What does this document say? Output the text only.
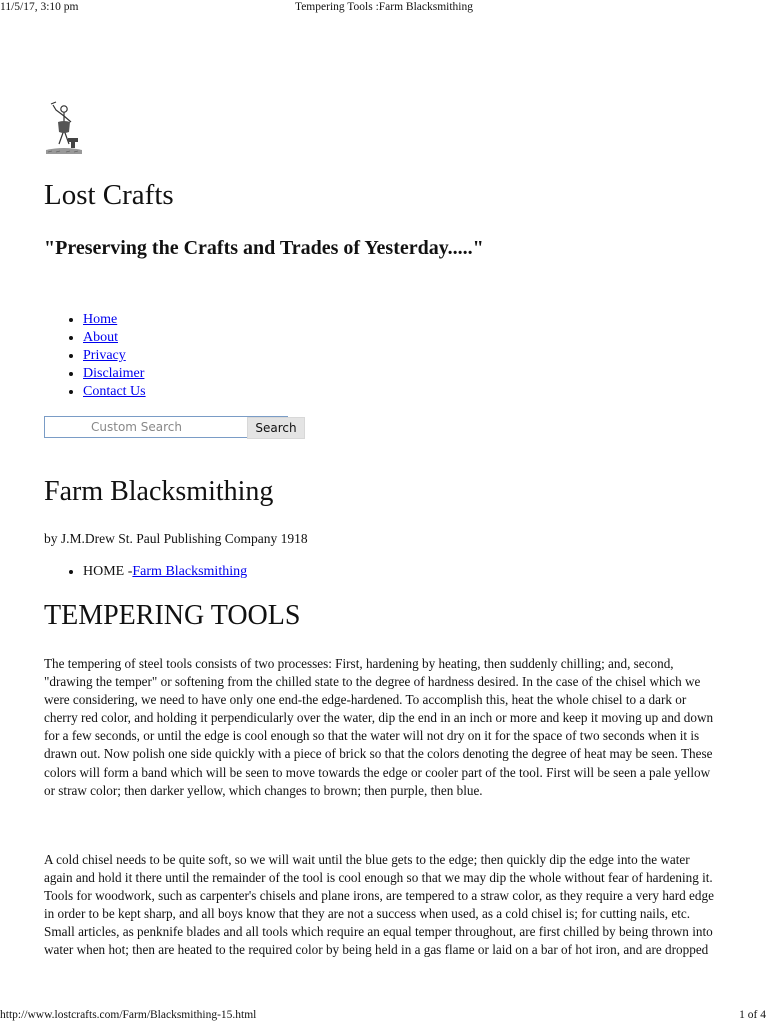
11/5/17, 3:10 pm	Tempering Tools :Farm Blacksmithing
Lost Crafts
"Preserving the Crafts and Trades of Yesterday....."
• Home
• About
• Privacy
• Disclaimer
• Contact Us
Custom Search	Search
Farm Blacksmithing

by J.M.Drew St. Paul Publishing Company 1918

• HOME -Farm Blacksmithing
TEMPERING TOOLS

The tempering of steel tools consists of two processes: First, hardening by heating, then suddenly chilling; and, second, "drawing the temper" or softening from the chilled state to the degree of hardness desired. In the case of the chisel which we were considering, we need to have only one end-the edge-hardened. To accomplish this, heat the whole chisel to a dark or cherry red color, and holding it perpendicularly over the water, dip the end in an inch or more and keep it moving up and down for a few seconds, or until the edge is cool enough so that the water will not dry on it for the space of two seconds when it is drawn out. Now polish one side quickly with a piece of brick so that the colors denoting the degree of heat may be seen. These colors will form a band which will be seen to move towards the edge or cooler part of the tool. First will be seen a pale yellow or straw color; then darker yellow, which changes to brown; then purple, then blue.

A cold chisel needs to be quite soft, so we will wait until the blue gets to the edge; then quickly dip the edge into the water again and hold it there until the remainder of the tool is cool enough so that we may dip the whole without fear of hardening it. Tools for woodwork, such as carpenter's chisels and plane irons, are tempered to a straw color, as they require a very hard edge in order to be kept sharp, and all boys know that they are not a success when used, as a cold chisel is; for cutting nails, etc. Small articles, as penknife blades and all tools which require an equal temper throughout, are first chilled by being thrown into water when hot; then are heated to the required color by being held in a gas flame or laid on a bar of hot iron, and are dropped

http://www.lostcrafts.com/Farm/Blacksmithing-15.html	1 of 4
